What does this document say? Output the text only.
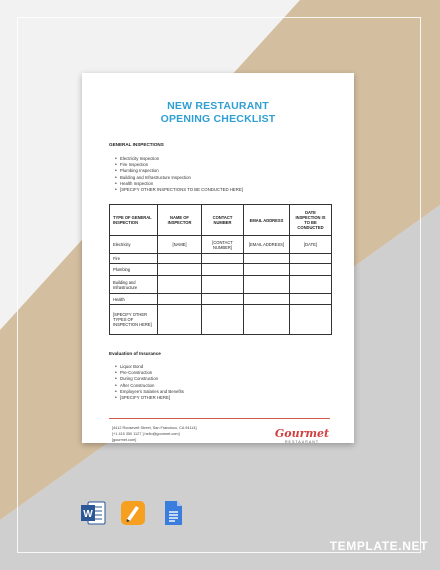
NEW RESTAURANT
OPENING CHECKLIST
GENERAL INSPECTIONS
• Electricity Inspection
• Fire Inspection
• Plumbing Inspection
• Building and Infrastructure Inspection
• Health Inspection
• [SPECIFY OTHER INSPECTIONS TO BE CONDUCTED HERE]
TYPE OF GENERAL INSPECTION	NAME OF INSPECTOR	CONTACT NUMBER	EMAIL ADDRESS	DATE INSPECTION IS TO BE CONDUCTED
Electricity	[NAME]	[CONTACT NUMBER]	[EMAIL ADDRESS]	[DATE]
Fire				
Plumbing				
Building and Infrastructure				
Health				
[SPECIFY OTHER TYPES OF INSPECTION HERE]				
Evaluation of Insurance
• Liquor Bond
• Pre-Construction
• During Construction
• After Construction
• Employee's Salaries and Benefits
• [SPECIFY OTHER HERE]
[4412 Roosevelt Street, San Francisco, CA 94114]
[+1 415 350 1127 ] hello@gourmet.com]
[gourmet.com]	Gourmet
RESTAURANT
W
TEMPLATE.NET
